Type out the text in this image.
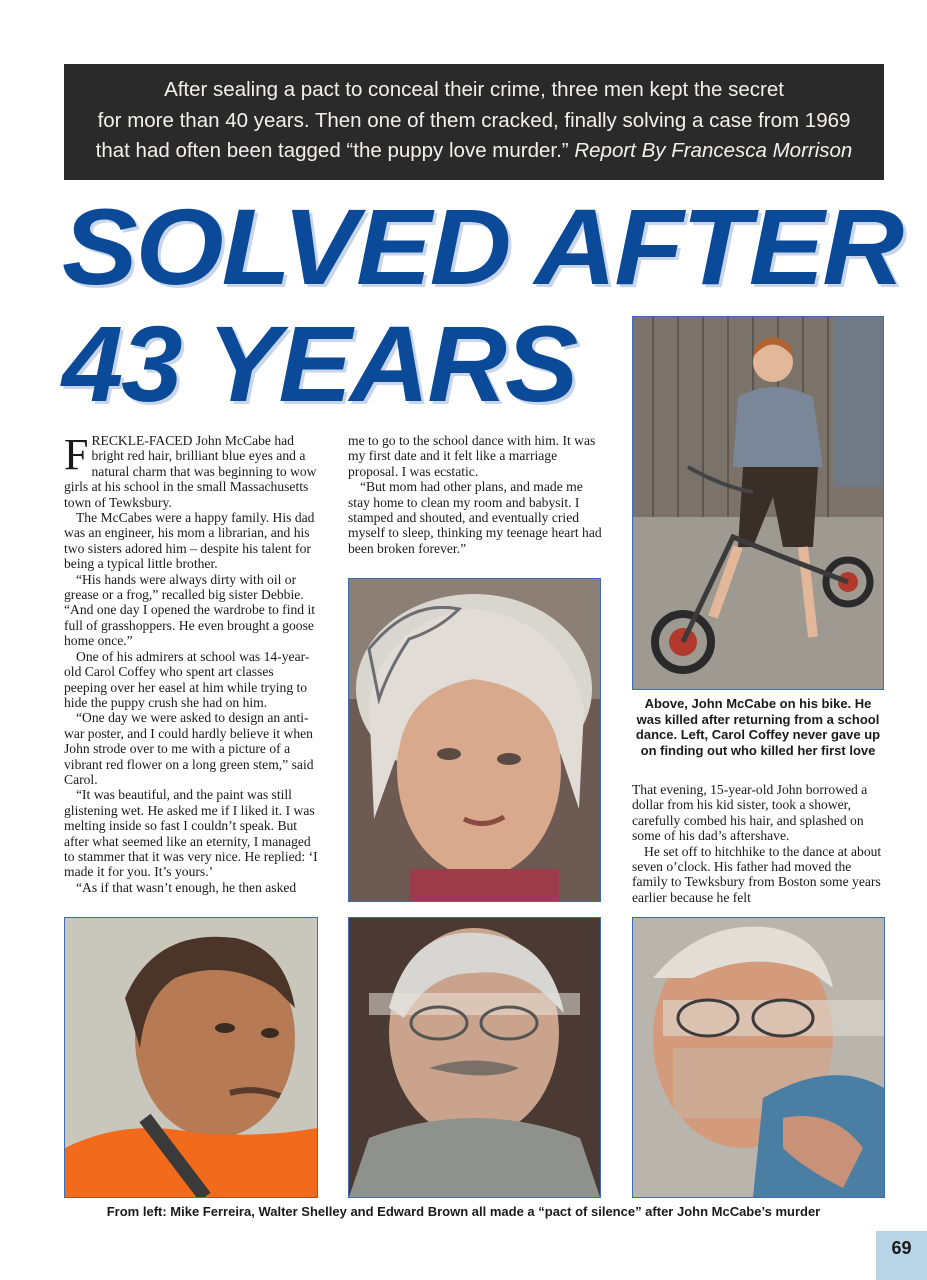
After sealing a pact to conceal their crime, three men kept the secret
for more than 40 years. Then one of them cracked, finally solving a case from 1969
that had often been tagged “the puppy love murder.” Report By Francesca Morrison
SOLVED AFTER
43 YEARS

FRECKLE-FACED John McCabe had bright red hair, brilliant blue eyes and a natural charm that was beginning to wow girls at his school in the small Massachusetts town of Tewksbury.

The McCabes were a happy family. His dad was an engineer, his mom a librarian, and his two sisters adored him – despite his talent for being a typical little brother.

“His hands were always dirty with oil or grease or a frog,” recalled big sister Debbie. “And one day I opened the wardrobe to find it full of grasshoppers. He even brought a goose home once.”

One of his admirers at school was 14-year-old Carol Coffey who spent art classes peeping over her easel at him while trying to hide the puppy crush she had on him.

“One day we were asked to design an anti-war poster, and I could hardly believe it when John strode over to me with a picture of a vibrant red flower on a long green stem,” said Carol.

“It was beautiful, and the paint was still glistening wet. He asked me if I liked it. I was melting inside so fast I couldn’t speak. But after what seemed like an eternity, I managed to stammer that it was very nice. He replied: ‘I made it for you. It’s yours.’

“As if that wasn’t enough, he then asked

me to go to the school dance with him. It was my first date and it felt like a marriage proposal. I was ecstatic.

“But mom had other plans, and made me stay home to clean my room and babysit. I stamped and shouted, and eventually cried myself to sleep, thinking my teenage heart had been broken forever.”

That evening, 15-year-old John borrowed a dollar from his kid sister, took a shower, carefully combed his hair, and splashed on some of his dad’s aftershave.

He set off to hitchhike to the dance at about seven o’clock. His father had moved the family to Tewksbury from Boston some years earlier because he felt

Above, John McCabe on his bike. He was killed after returning from a school dance. Left, Carol Coffey never gave up on finding out who killed her first love
From left: Mike Ferreira, Walter Shelley and Edward Brown all made a “pact of silence” after John McCabe’s murder
69
